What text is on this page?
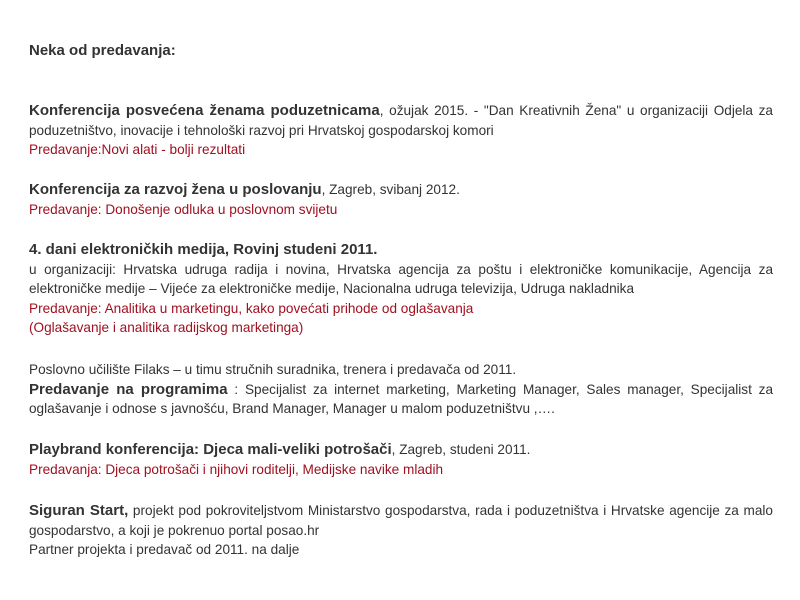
Neka od predavanja:
Konferencija posvećena ženama poduzetnicama, ožujak 2015. - "Dan Kreativnih Žena" u organizaciji Odjela za poduzetništvo, inovacije i tehnološki razvoj pri Hrvatskoj gospodarskoj komori
Predavanje:Novi alati - bolji rezultati
Konferencija za razvoj žena u poslovanju, Zagreb, svibanj 2012.
Predavanje: Donošenje odluka u poslovnom svijetu
4. dani elektroničkih medija, Rovinj studeni 2011.
u organizaciji: Hrvatska udruga radija i novina, Hrvatska agencija za poštu i elektroničke komunikacije, Agencija za elektroničke medije – Vijeće za elektroničke medije, Nacionalna udruga televizija, Udruga nakladnika
Predavanje: Analitika u marketingu, kako povećati prihode od oglašavanja
(Oglašavanje i analitika radijskog marketinga)
Poslovno učilište Filaks – u timu stručnih suradnika, trenera i predavača od 2011.
Predavanje na programima : Specijalist za internet marketing, Marketing Manager, Sales manager, Specijalist za oglašavanje i odnose s javnošću, Brand Manager, Manager u malom poduzetništvu ,….
Playbrand konferencija: Djeca mali-veliki potrošači, Zagreb, studeni 2011.
Predavanja: Djeca potrošači i njihovi roditelji, Medijske navike mladih
Siguran Start, projekt pod pokroviteljstvom Ministarstvo gospodarstva, rada i poduzetništva i Hrvatske agencije za malo gospodarstvo, a koji je pokrenuo portal posao.hr
Partner projekta i predavač od 2011. na dalje
